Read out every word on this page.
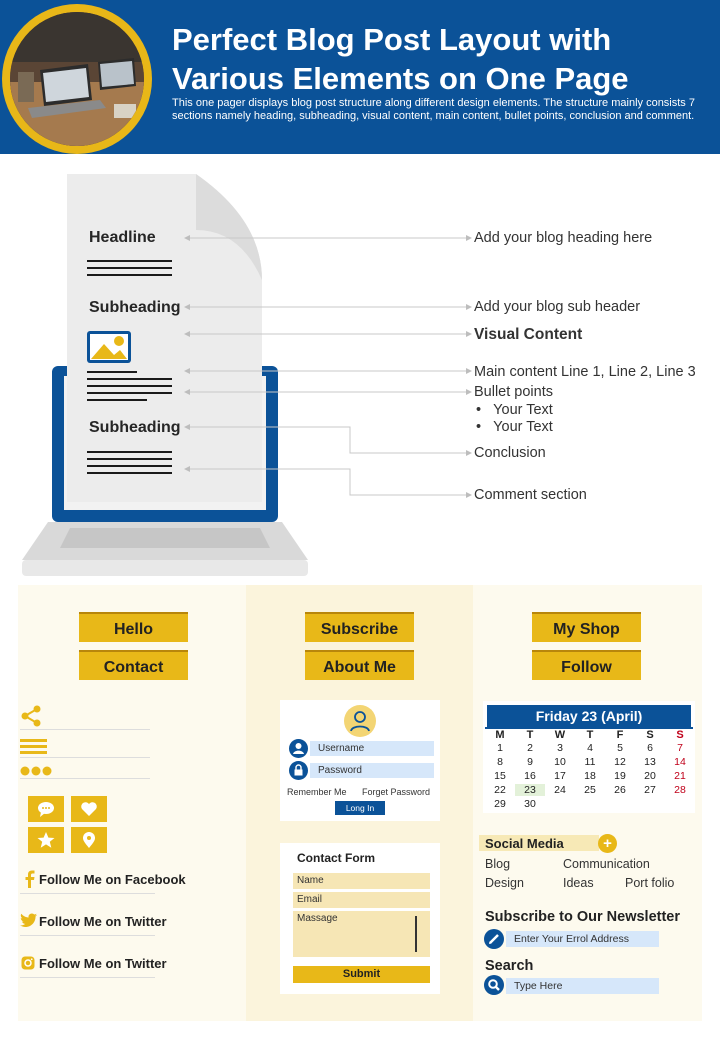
Perfect Blog Post Layout with Various Elements on One Page
This one pager displays blog post structure along different design elements. The structure mainly consists 7 sections namely heading, subheading, visual content, main content, bullet points, conclusion and comment.
Headline
Subheading
Subheading
Add your blog heading here
Add your blog sub header
Visual Content
Main content Line 1, Line 2, Line 3
Bullet points
•   Your Text
•   Your Text
Conclusion
Comment section
Hello
Contact
Subscribe
About Me
My Shop
Follow
Follow Me on Facebook
Follow Me on Twitter
Follow Me on Twitter
Username
Password
Remember Me Forget Password
Long In
Contact Form
Name
Email
Massage
Submit
Friday 23 (April)
M	T	W	T	F	S	S
1	2	3	4	5	6	7
8	9	10	11	12	13	14
15	16	17	18	19	20	21
22	23	24	25	26	27	28
29	30
Social Media	+
Blog	Communication
Design	Ideas	Port folio
Subscribe to Our Newsletter
Enter Your Errol Address
Search
Type Here
